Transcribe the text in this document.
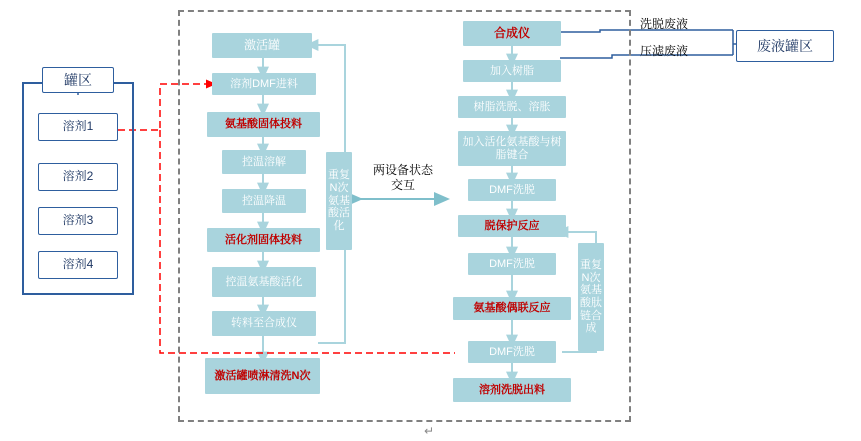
罐区
溶剂1
溶剂2
溶剂3
溶剂4
激活罐
溶剂DMF进料
氨基酸固体投料
控温溶解
控温降温
活化剂固体投料
控温氨基酸活化
转料至合成仪
激活罐喷淋清洗N次
重复N次氨基酸活化
两设备状态交互
合成仪
加入树脂
树脂洗脱、溶胀
加入活化氨基酸与树脂键合
DMF洗脱
脱保护反应
DMF洗脱
氨基酸偶联反应
DMF洗脱
溶剂洗脱出料
重复N次氨基酸肽链合成
洗脱废液
压滤废液	废液罐区
↵
